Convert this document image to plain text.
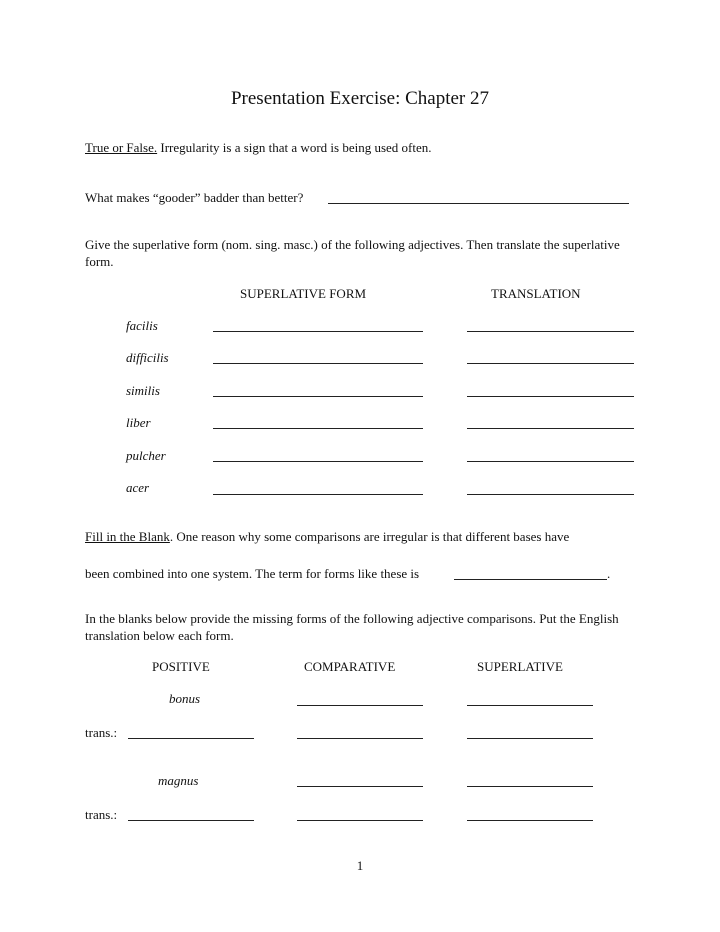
Presentation Exercise: Chapter 27
True or False. Irregularity is a sign that a word is being used often.
What makes “gooder” badder than better?
Give the superlative form (nom. sing. masc.) of the following adjectives. Then translate the superlative form.
SUPERLATIVE FORM	TRANSLATION
facilis
difficilis
similis
liber
pulcher
acer
Fill in the Blank. One reason why some comparisons are irregular is that different bases have
been combined into one system. The term for forms like these is	.
In the blanks below provide the missing forms of the following adjective comparisons. Put the English translation below each form.
POSITIVE	COMPARATIVE	SUPERLATIVE
bonus
trans.:
magnus
trans.:
1
